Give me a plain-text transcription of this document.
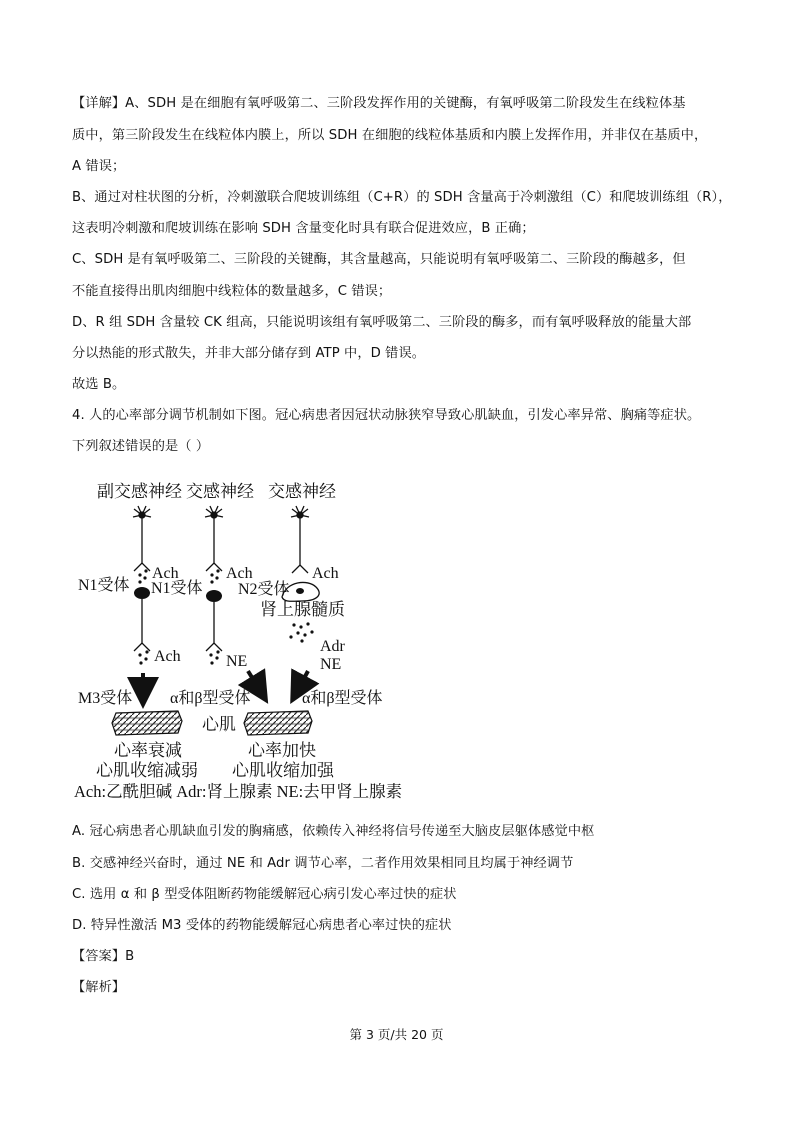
【详解】A、SDH 是在细胞有氧呼吸第二、三阶段发挥作用的关键酶，有氧呼吸第二阶段发生在线粒体基
质中，第三阶段发生在线粒体内膜上，所以 SDH 在细胞的线粒体基质和内膜上发挥作用，并非仅在基质中，
A 错误；
B、通过对柱状图的分析，冷刺激联合爬坡训练组（C+R）的 SDH 含量高于冷刺激组（C）和爬坡训练组（R），
这表明冷刺激和爬坡训练在影响 SDH 含量变化时具有联合促进效应，B 正确；
C、SDH 是有氧呼吸第二、三阶段的关键酶，其含量越高，只能说明有氧呼吸第二、三阶段的酶越多，但
不能直接得出肌肉细胞中线粒体的数量越多，C 错误；
D、R 组 SDH 含量较 CK 组高，只能说明该组有氧呼吸第二、三阶段的酶多，而有氧呼吸释放的能量大部
分以热能的形式散失，并非大部分储存到 ATP 中，D 错误。
故选 B。
4. 人的心率部分调节机制如下图。冠心病患者因冠状动脉狭窄导致心肌缺血，引发心率异常、胸痛等症状。
下列叙述错误的是（ ）
副交感神经 交感神经 交感神经
Ach	Ach	Ach
N1受体 N1受体 N2受体
肾上腺髓质
Ach	NE
Adr
NE
M3受体 α和β型受体	α和β型受体
心肌
心率衰减
心肌收缩减弱
心率加快
心肌收缩加强
Ach:乙酰胆碱 Adr:肾上腺素 NE:去甲肾上腺素
A. 冠心病患者心肌缺血引发的胸痛感，依赖传入神经将信号传递至大脑皮层躯体感觉中枢
B. 交感神经兴奋时，通过 NE 和 Adr 调节心率，二者作用效果相同且均属于神经调节
C. 选用 α 和 β 型受体阻断药物能缓解冠心病引发心率过快的症状
D. 特异性激活 M3 受体的药物能缓解冠心病患者心率过快的症状
【答案】B
【解析】
第 3 页/共 20 页
